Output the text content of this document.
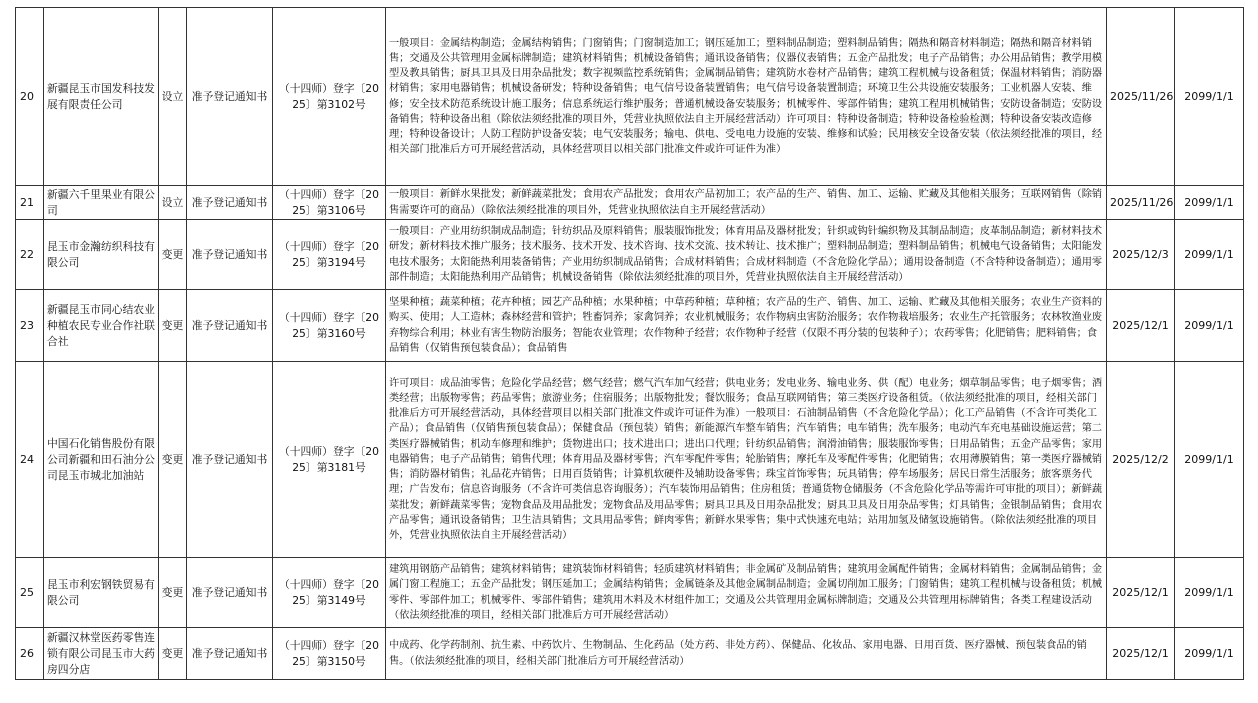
20	新疆昆玉市国发科技发展有限责任公司	设立	准予登记通知书	（十四师）登字〔2025〕第3102号	一般项目：金属结构制造；金属结构销售；门窗销售；门窗制造加工；钢压延加工；塑料制品制造；塑料制品销售；隔热和隔音材料制造；隔热和隔音材料销售；交通及公共管理用金属标牌制造；建筑材料销售；机械设备销售；通讯设备销售；仪器仪表销售；五金产品批发；电子产品销售；办公用品销售；教学用模型及教具销售；厨具卫具及日用杂品批发；数字视频监控系统销售；金属制品销售；建筑防水卷材产品销售；建筑工程机械与设备租赁；保温材料销售；消防器材销售；家用电器销售；机械设备研发；特种设备销售；电气信号设备装置销售；电气信号设备装置制造；环境卫生公共设施安装服务；工业机器人安装、维修；安全技术防范系统设计施工服务；信息系统运行维护服务；普通机械设备安装服务；机械零件、零部件销售；建筑工程用机械销售；安防设备制造；安防设备销售；特种设备出租（除依法须经批准的项目外，凭营业执照依法自主开展经营活动）许可项目：特种设备制造；特种设备检验检测；特种设备安装改造修理；特种设备设计；人防工程防护设备安装；电气安装服务；输电、供电、受电电力设施的安装、维修和试验；民用核安全设备安装（依法须经批准的项目，经相关部门批准后方可开展经营活动，具体经营项目以相关部门批准文件或许可证件为准）	2025/11/26	2099/1/1
21	新疆六千里果业有限公司	设立	准予登记通知书	（十四师）登字〔2025〕第3106号	一般项目：新鲜水果批发；新鲜蔬菜批发；食用农产品批发；食用农产品初加工；农产品的生产、销售、加工、运输、贮藏及其他相关服务；互联网销售（除销售需要许可的商品）（除依法须经批准的项目外，凭营业执照依法自主开展经营活动）	2025/11/26	2099/1/1
22	昆玉市金瀚纺织科技有限公司	变更	准予登记通知书	（十四师）登字〔2025〕第3194号	一般项目：产业用纺织制成品制造；针纺织品及原料销售；服装服饰批发；体育用品及器材批发；针织或钩针编织物及其制品制造；皮革制品制造；新材料技术研发；新材料技术推广服务；技术服务、技术开发、技术咨询、技术交流、技术转让、技术推广；塑料制品制造；塑料制品销售；机械电气设备销售；太阳能发电技术服务；太阳能热利用装备销售；产业用纺织制成品销售；合成材料销售；合成材料制造（不含危险化学品）；通用设备制造（不含特种设备制造）；通用零部件制造；太阳能热利用产品销售；机械设备销售（除依法须经批准的项目外，凭营业执照依法自主开展经营活动）	2025/12/3	2099/1/1
23	新疆昆玉市同心结农业种植农民专业合作社联合社	变更	准予登记通知书	（十四师）登字〔2025〕第3160号	坚果种植；蔬菜种植；花卉种植；园艺产品种植；水果种植；中草药种植；草种植；农产品的生产、销售、加工、运输、贮藏及其他相关服务；农业生产资料的购买、使用；人工造林；森林经营和管护；牲畜饲养；家禽饲养；农业机械服务；农作物病虫害防治服务；农作物栽培服务；农业生产托管服务；农林牧渔业废弃物综合利用；林业有害生物防治服务；智能农业管理；农作物种子经营；农作物种子经营（仅限不再分装的包装种子）；农药零售；化肥销售；肥料销售；食品销售（仅销售预包装食品）；食品销售	2025/12/1	2099/1/1
24	中国石化销售股份有限公司新疆和田石油分公司昆玉市城北加油站	变更	准予登记通知书	（十四师）登字〔2025〕第3181号	许可项目：成品油零售；危险化学品经营；燃气经营；燃气汽车加气经营；供电业务；发电业务、输电业务、供（配）电业务；烟草制品零售；电子烟零售；酒类经营；出版物零售；药品零售；旅游业务；住宿服务；出版物批发；餐饮服务；食品互联网销售；第三类医疗设备租赁。（依法须经批准的项目，经相关部门批准后方可开展经营活动，具体经营项目以相关部门批准文件或许可证件为准）一般项目：石油制品销售（不含危险化学品）；化工产品销售（不含许可类化工产品）；食品销售（仅销售预包装食品）；保健食品（预包装）销售；新能源汽车整车销售；汽车销售；电车销售；洗车服务；电动汽车充电基础设施运营；第二类医疗器械销售；机动车修理和维护；货物进出口；技术进出口；进出口代理；针纺织品销售；润滑油销售；服装服饰零售；日用品销售；五金产品零售；家用电器销售；电子产品销售；销售代理；体育用品及器材零售；汽车零配件零售；轮胎销售；摩托车及零配件零售；化肥销售；农用薄膜销售；第一类医疗器械销售；消防器材销售；礼品花卉销售；日用百货销售；计算机软硬件及辅助设备零售；珠宝首饰零售；玩具销售；停车场服务；居民日常生活服务；旅客票务代理；广告发布；信息咨询服务（不含许可类信息咨询服务）；汽车装饰用品销售；住房租赁；普通货物仓储服务（不含危险化学品等需许可审批的项目）；新鲜蔬菜批发；新鲜蔬菜零售；宠物食品及用品批发；宠物食品及用品零售；厨具卫具及日用杂品批发；厨具卫具及日用杂品零售；灯具销售；金银制品销售；食用农产品零售；通讯设备销售；卫生洁具销售；文具用品零售；鲜肉零售；新鲜水果零售；集中式快速充电站；站用加氢及储氢设施销售。（除依法须经批准的项目外，凭营业执照依法自主开展经营活动）	2025/12/2	2099/1/1
25	昆玉市利宏钢铁贸易有限公司	变更	准予登记通知书	（十四师）登字〔2025〕第3149号	建筑用钢筋产品销售；建筑材料销售；建筑装饰材料销售；轻质建筑材料销售；非金属矿及制品销售；建筑用金属配件销售；金属材料销售；金属制品销售；金属门窗工程施工；五金产品批发；钢压延加工；金属结构销售；金属链条及其他金属制品制造；金属切削加工服务；门窗销售；建筑工程机械与设备租赁；机械零件、零部件加工；机械零件、零部件销售；建筑用木料及木材组件加工；交通及公共管理用金属标牌制造；交通及公共管理用标牌销售；各类工程建设活动（依法须经批准的项目，经相关部门批准后方可开展经营活动）	2025/12/1	2099/1/1
26	新疆汉林堂医药零售连锁有限公司昆玉市大药房四分店	变更	准予登记通知书	（十四师）登字〔2025〕第3150号	中成药、化学药制剂、抗生素、中药饮片、生物制品、生化药品（处方药、非处方药）、保健品、化妆品、家用电器、日用百货、医疗器械、预包装食品的销售。（依法须经批准的项目，经相关部门批准后方可开展经营活动）	2025/12/1	2099/1/1
